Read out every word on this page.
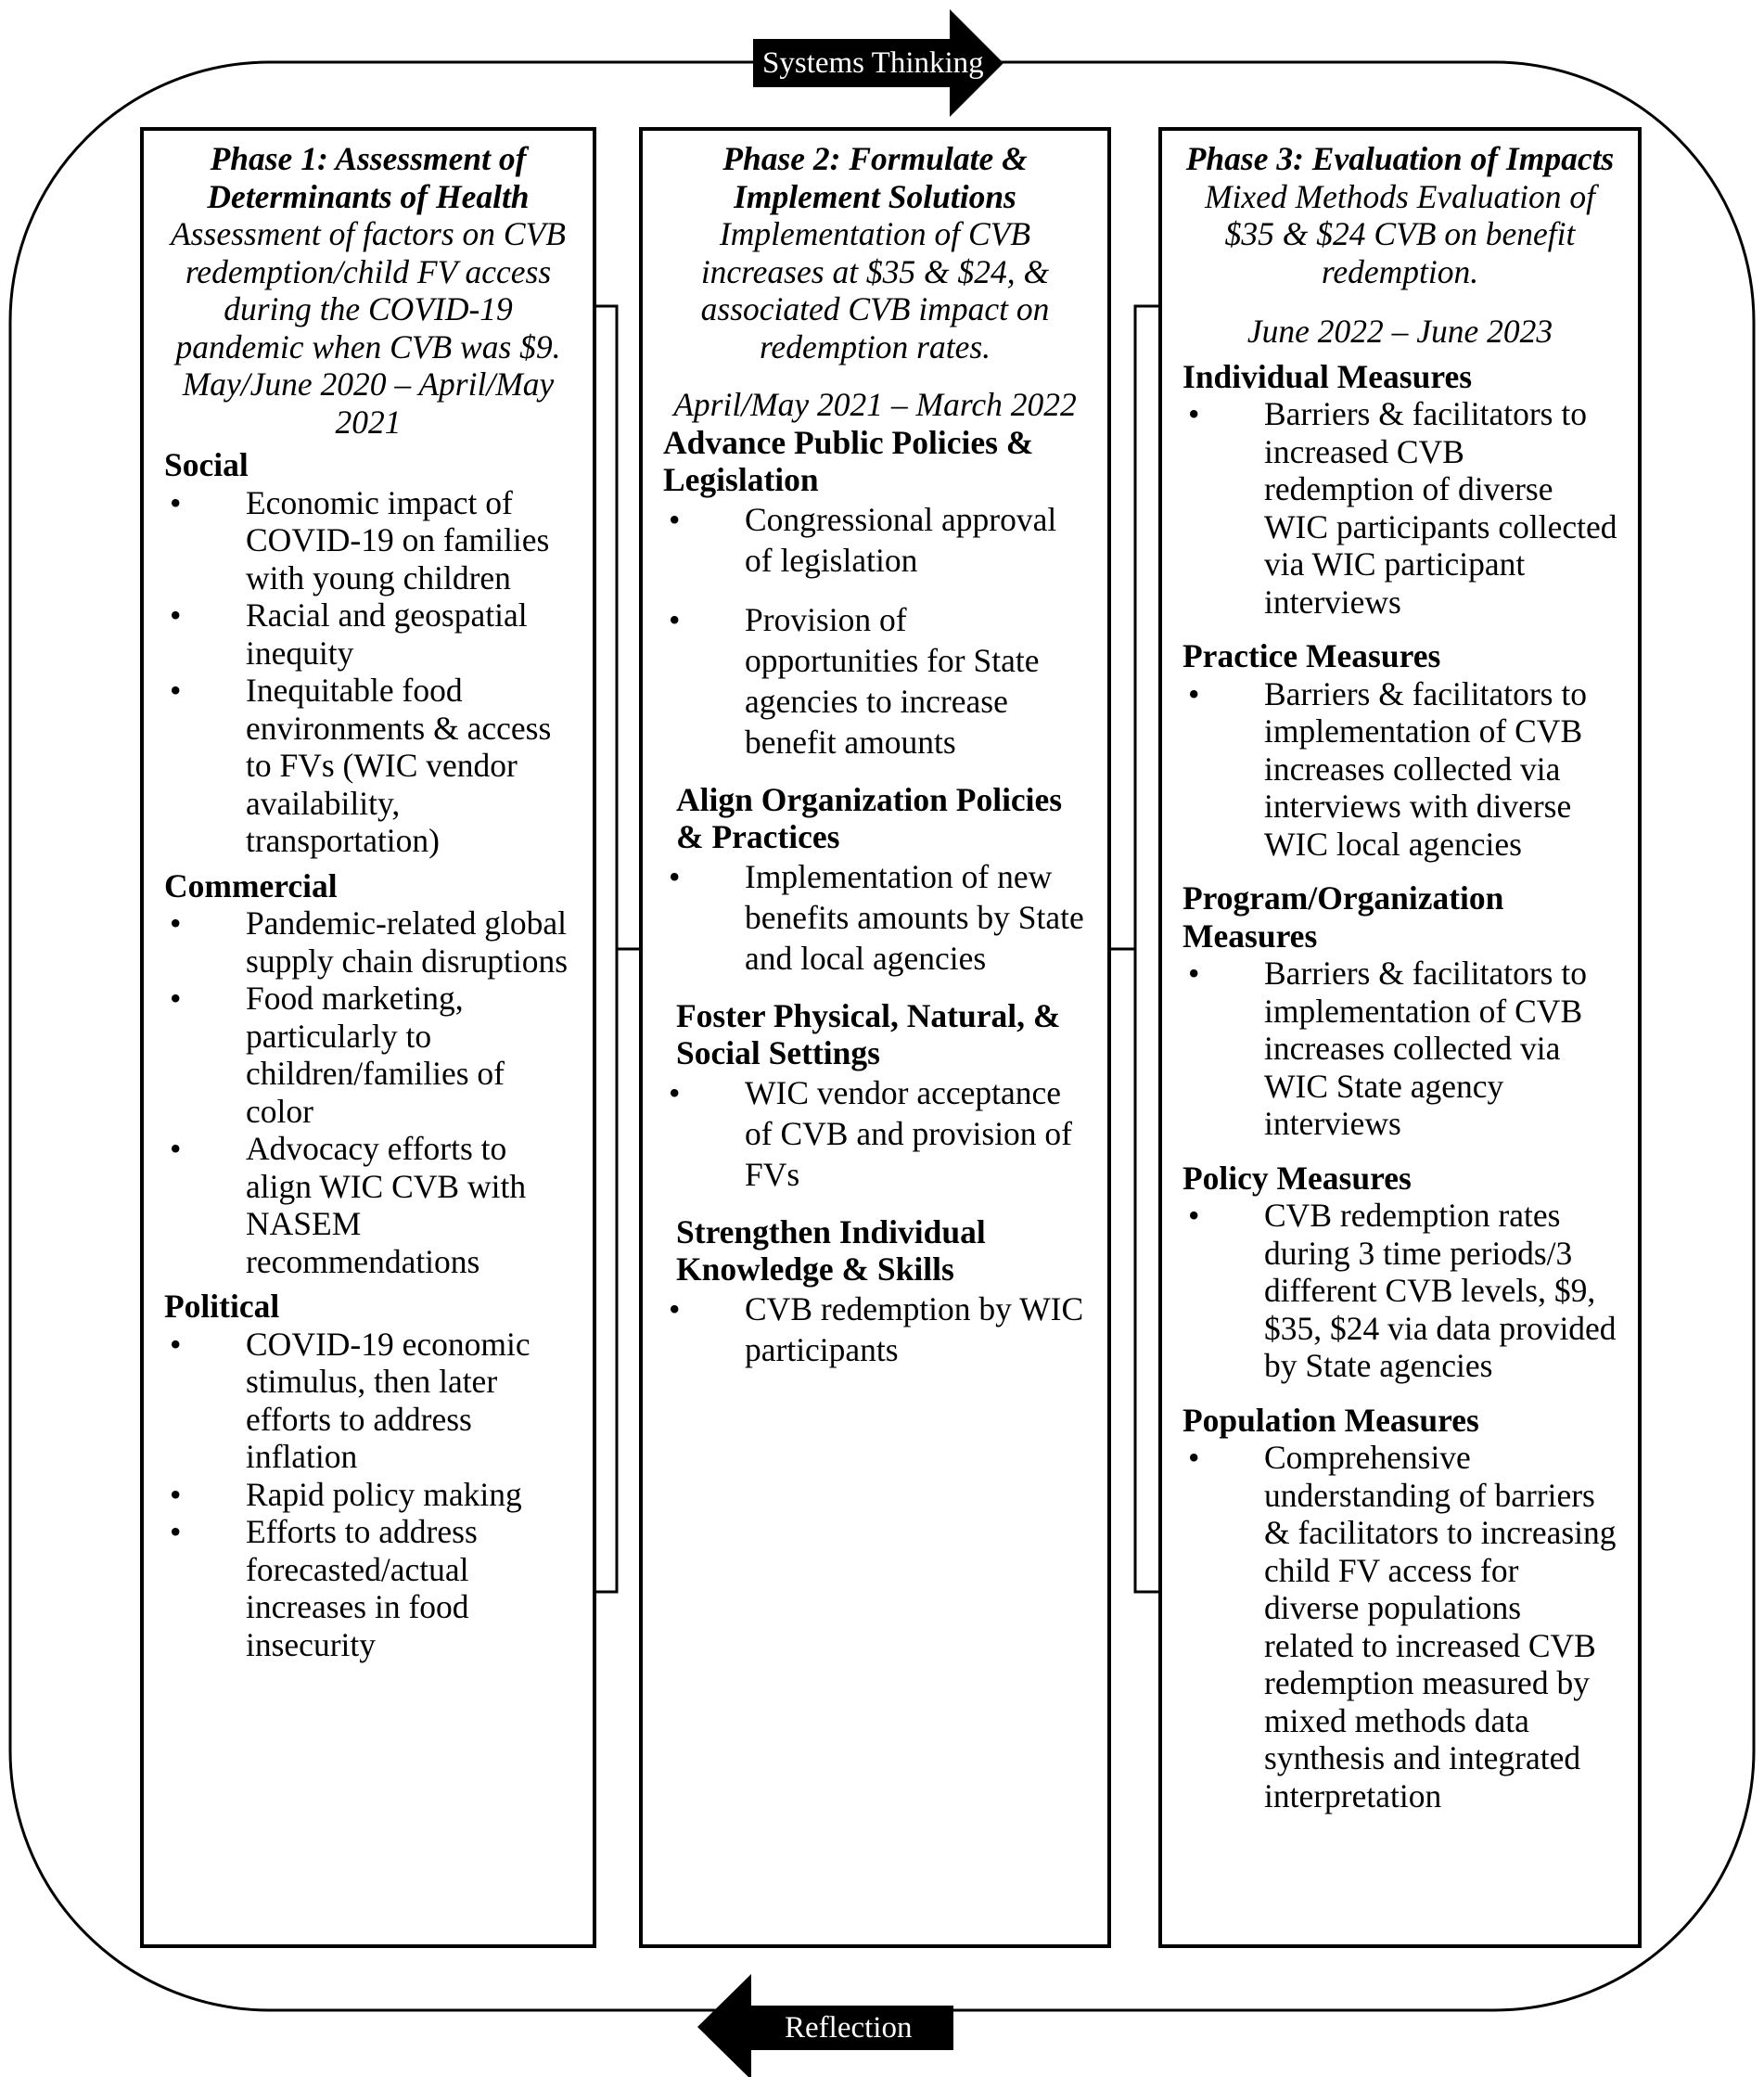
Systems Thinking
Reflection

Phase 1: Assessment of Determinants of Health

Assessment of factors on CVB redemption/child FV access during the COVID-19 pandemic when CVB was $9.

May/June 2020 – April/May 2021

Social

• Economic impact of COVID-19 on families with young children
• Racial and geospatial inequity
• Inequitable food environments & access to FVs (WIC vendor availability, transportation)

Commercial

• Pandemic-related global supply chain disruptions
• Food marketing, particularly to children/families of color
• Advocacy efforts to align WIC CVB with NASEM recommendations

Political

• COVID-19 economic stimulus, then later efforts to address inflation
• Rapid policy making
• Efforts to address forecasted/actual increases in food insecurity

Phase 2: Formulate & Implement Solutions

Implementation of CVB increases at $35 & $24, & associated CVB impact on redemption rates.

April/May 2021 – March 2022

Advance Public Policies & Legislation

• Congressional approval of legislation
• Provision of opportunities for State agencies to increase benefit amounts

Align Organization Policies & Practices

• Implementation of new benefits amounts by State and local agencies

Foster Physical, Natural, & Social Settings

• WIC vendor acceptance of CVB and provision of FVs

Strengthen Individual Knowledge & Skills

• CVB redemption by WIC participants

Phase 3: Evaluation of Impacts

Mixed Methods Evaluation of $35 & $24 CVB on benefit redemption.

June 2022 – June 2023

Individual Measures

• Barriers & facilitators to increased CVB redemption of diverse WIC participants collected via WIC participant interviews

Practice Measures

• Barriers & facilitators to implementation of CVB increases collected via interviews with diverse WIC local agencies

Program/Organization Measures

• Barriers & facilitators to implementation of CVB increases collected via WIC State agency interviews

Policy Measures

• CVB redemption rates during 3 time periods/3 different CVB levels, $9, $35, $24 via data provided by State agencies

Population Measures

• Comprehensive understanding of barriers & facilitators to increasing child FV access for diverse populations related to increased CVB redemption measured by mixed methods data synthesis and integrated interpretation
